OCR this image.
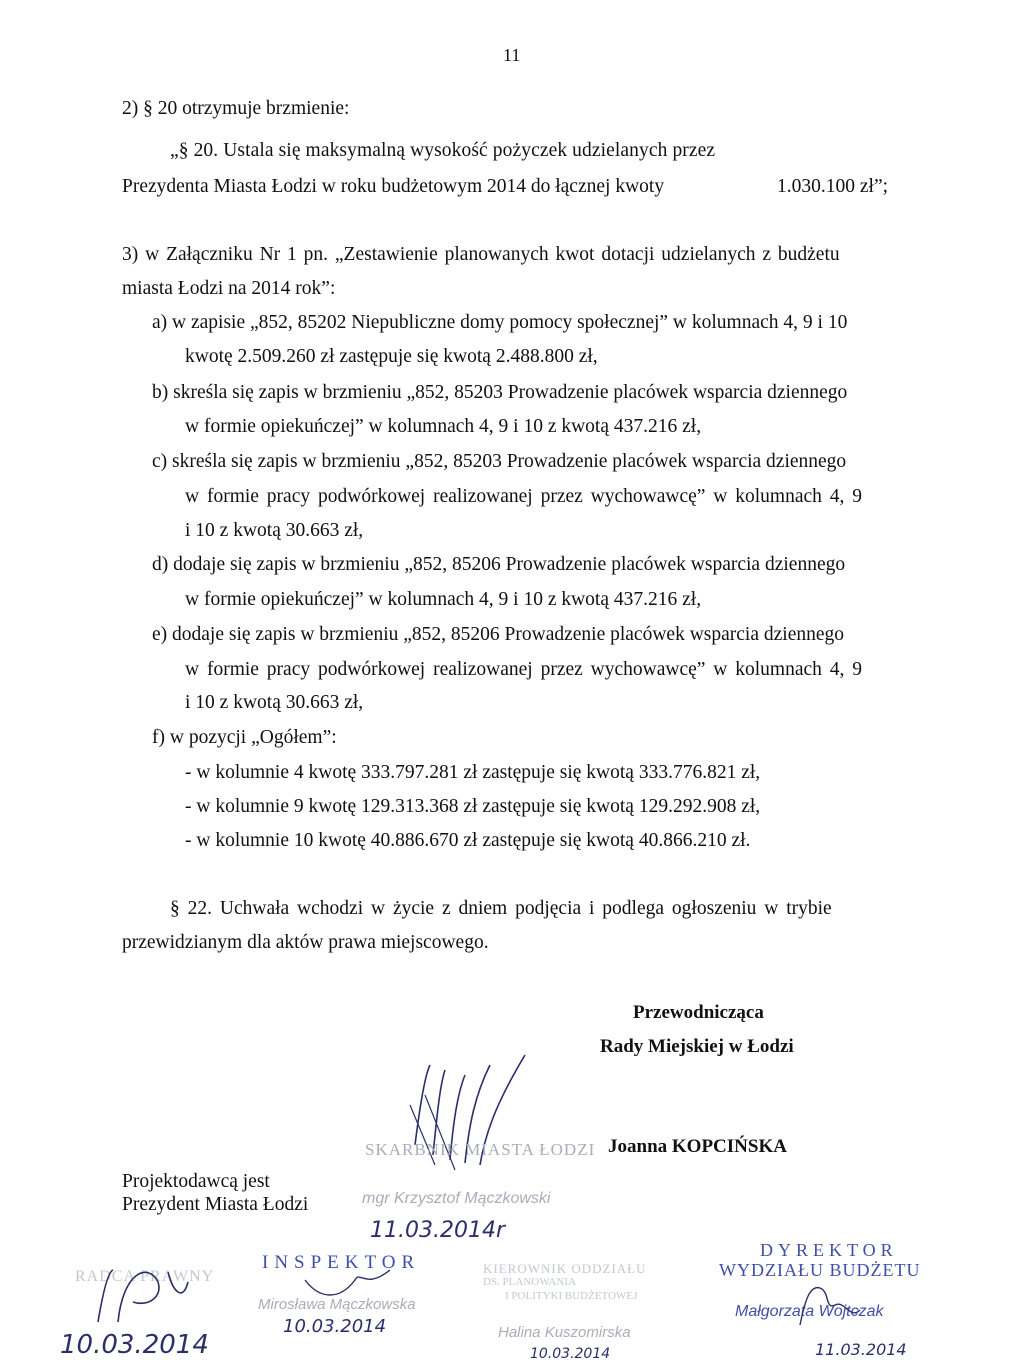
11
2) § 20 otrzymuje brzmienie:
„§ 20. Ustala się maksymalną wysokość pożyczek udzielanych przez
Prezydenta Miasta Łodzi w roku budżetowym 2014 do łącznej kwoty	1.030.100 zł”;
3) w Załączniku Nr 1 pn. „Zestawienie planowanych kwot dotacji udzielanych z budżetu
miasta Łodzi na 2014 rok”:
a) w zapisie „852, 85202 Niepubliczne domy pomocy społecznej” w kolumnach 4, 9 i 10
kwotę 2.509.260 zł zastępuje się kwotą 2.488.800 zł,
b) skreśla się zapis w brzmieniu „852, 85203 Prowadzenie placówek wsparcia dziennego
w formie opiekuńczej” w kolumnach 4, 9 i 10 z kwotą 437.216 zł,
c) skreśla się zapis w brzmieniu „852, 85203 Prowadzenie placówek wsparcia dziennego
w formie pracy podwórkowej realizowanej przez wychowawcę” w kolumnach 4, 9
i 10 z kwotą 30.663 zł,
d) dodaje się zapis w brzmieniu „852, 85206 Prowadzenie placówek wsparcia dziennego
w formie opiekuńczej” w kolumnach 4, 9 i 10 z kwotą 437.216 zł,
e) dodaje się zapis w brzmieniu „852, 85206 Prowadzenie placówek wsparcia dziennego
w formie pracy podwórkowej realizowanej przez wychowawcę” w kolumnach 4, 9
i 10 z kwotą 30.663 zł,
f) w pozycji „Ogółem”:
- w kolumnie 4 kwotę 333.797.281 zł zastępuje się kwotą 333.776.821 zł,
- w kolumnie 9 kwotę 129.313.368 zł zastępuje się kwotą 129.292.908 zł,
- w kolumnie 10 kwotę 40.886.670 zł zastępuje się kwotą 40.866.210 zł.
§ 22. Uchwała wchodzi w życie z dniem podjęcia i podlega ogłoszeniu w trybie
przewidzianym dla aktów prawa miejscowego.
Przewodnicząca
Rady Miejskiej w Łodzi
Joanna KOPCIŃSKA
Projektodawcą jest
Prezydent Miasta Łodzi
SKARBNIK MIASTA ŁODZI
mgr Krzysztof Mączkowski
11.03.2014r
RADCA PRAWNY
10.03.2014
INSPEKTOR
Mirosława Mączkowska
10.03.2014
KIEROWNIK ODDZIAŁU
DS. PLANOWANIA
I POLITYKI BUDŻETOWEJ
Halina Kuszomirska
10.03.2014
DYREKTOR
WYDZIAŁU BUDŻETU
Małgorzata Wojtczak
11.03.2014
